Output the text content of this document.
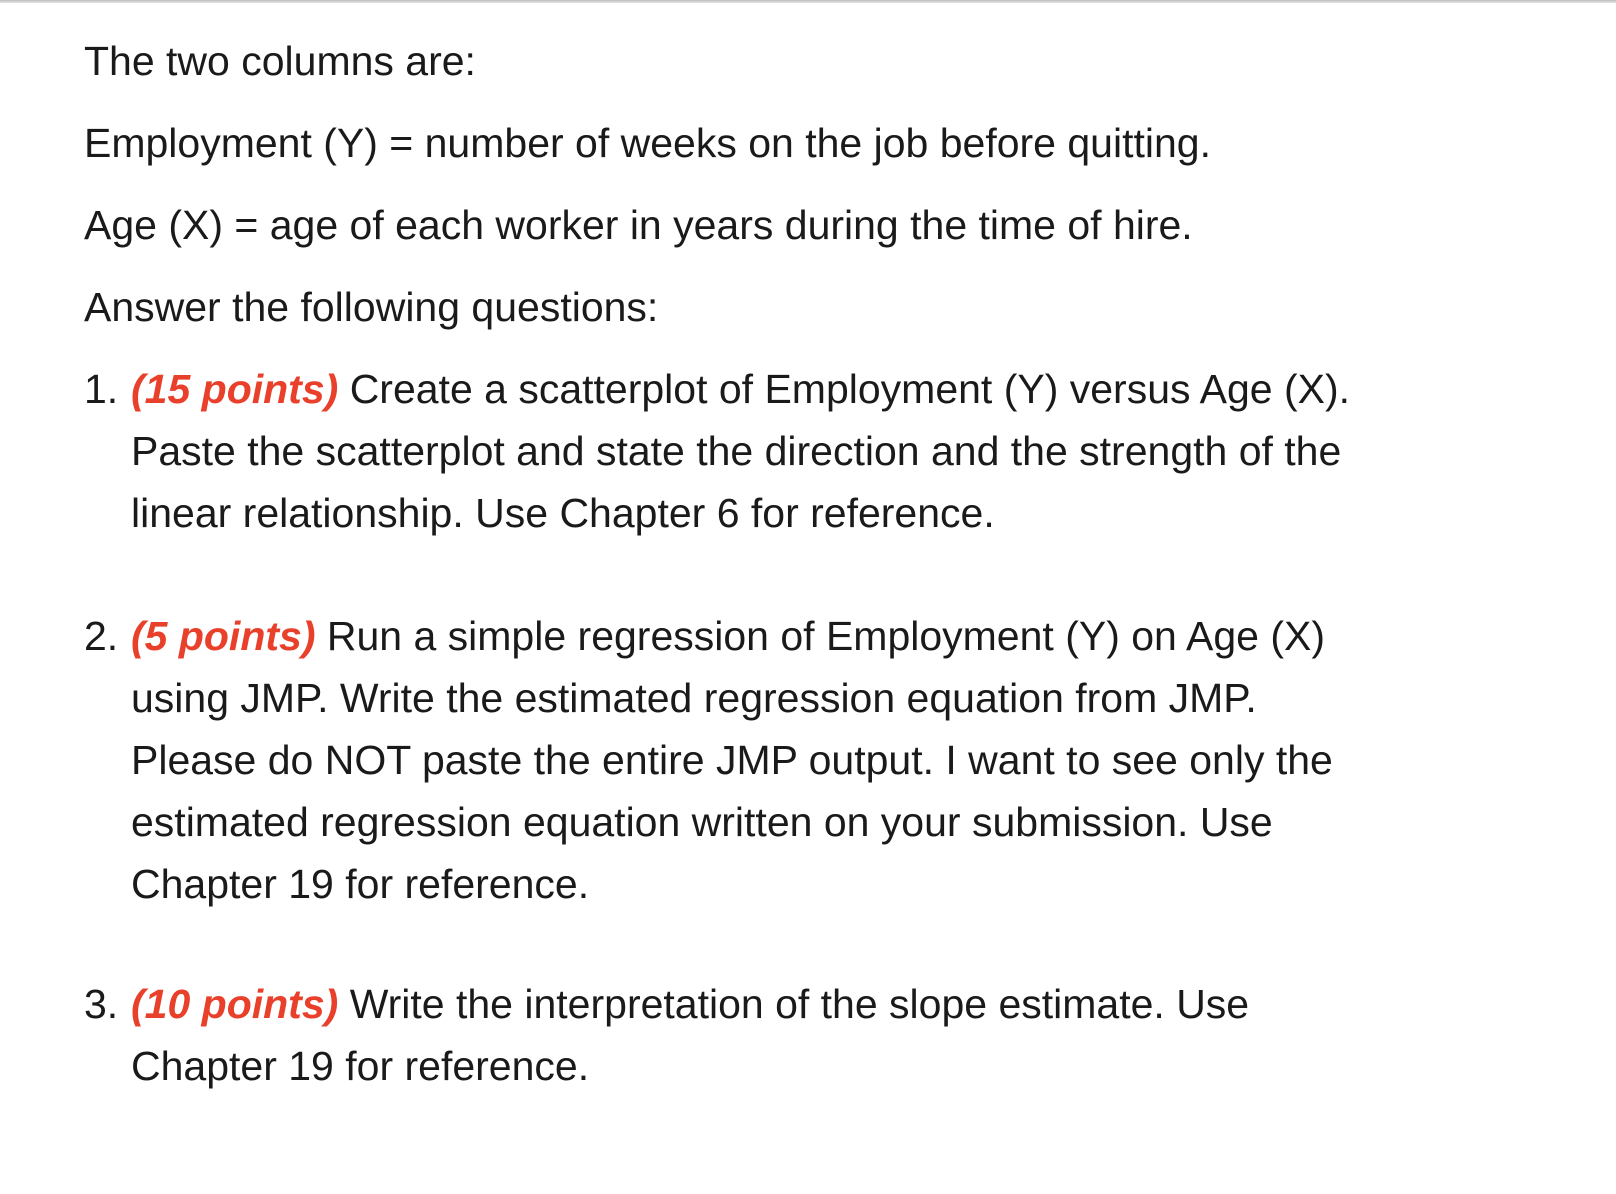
The two columns are:

Employment (Y) = number of weeks on the job before quitting.

Age (X) = age of each worker in years during the time of hire.

Answer the following questions:

1. (15 points) Create a scatterplot of Employment (Y) versus Age (X).

Paste the scatterplot and state the direction and the strength of the

linear relationship. Use Chapter 6 for reference.

2. (5 points) Run a simple regression of Employment (Y) on Age (X)

using JMP. Write the estimated regression equation from JMP.

Please do NOT paste the entire JMP output. I want to see only the

estimated regression equation written on your submission. Use

Chapter 19 for reference.

3. (10 points) Write the interpretation of the slope estimate. Use

Chapter 19 for reference.
